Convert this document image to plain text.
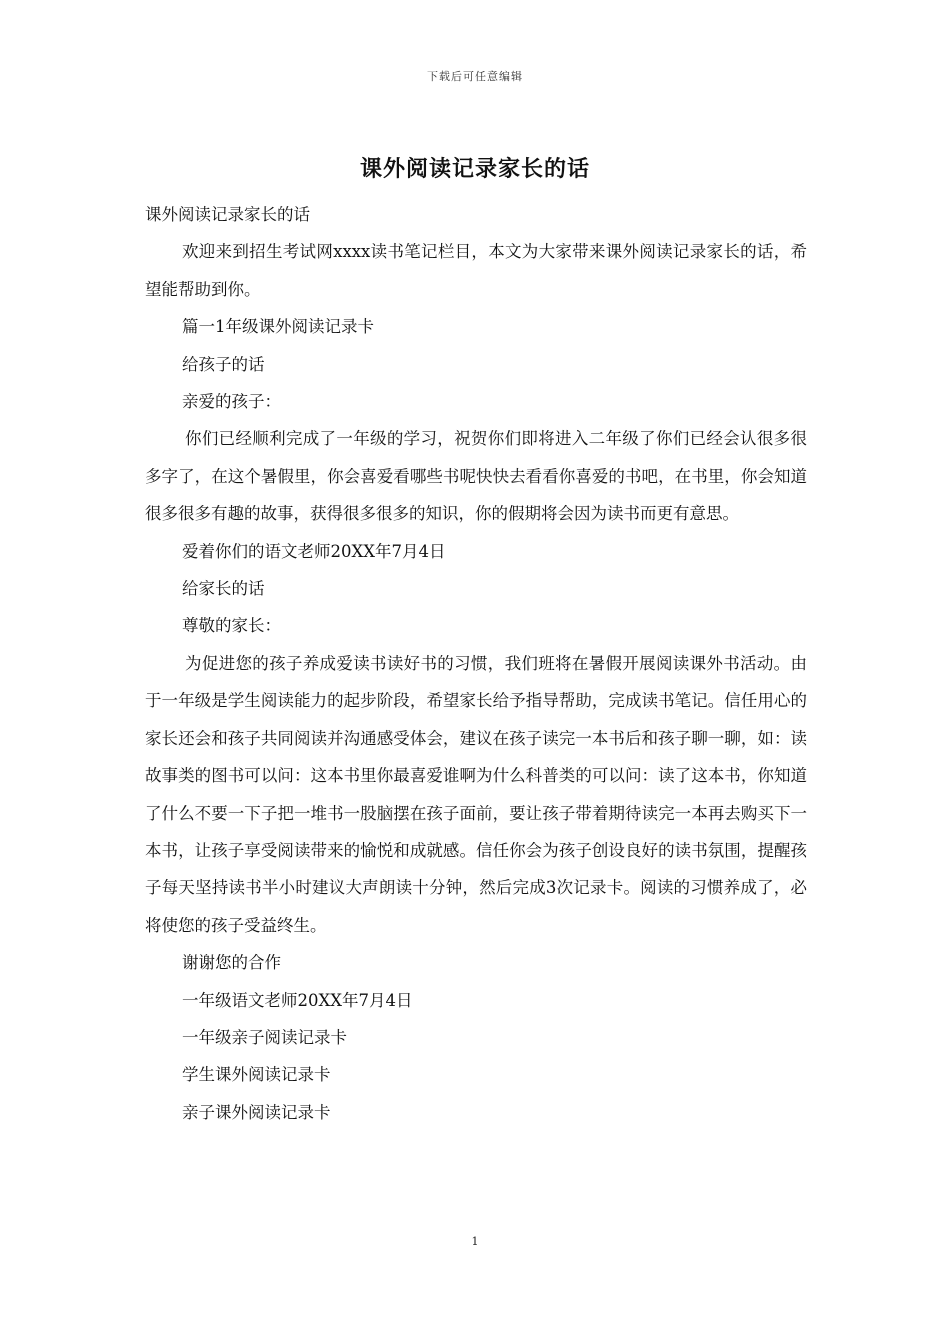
下载后可任意编辑
课外阅读记录家长的话

课外阅读记录家长的话

欢迎来到招生考试网xxxx读书笔记栏目，本文为大家带来课外阅读记录家长的话，希望能帮助到你。

篇一1年级课外阅读记录卡

给孩子的话

亲爱的孩子：

你们已经顺利完成了一年级的学习，祝贺你们即将进入二年级了你们已经会认很多很多字了，在这个暑假里，你会喜爱看哪些书呢快快去看看你喜爱的书吧，在书里，你会知道很多很多有趣的故事，获得很多很多的知识，你的假期将会因为读书而更有意思。

爱着你们的语文老师20XX年7月4日

给家长的话

尊敬的家长：

为促进您的孩子养成爱读书读好书的习惯，我们班将在暑假开展阅读课外书活动。由于一年级是学生阅读能力的起步阶段，希望家长给予指导帮助，完成读书笔记。信任用心的家长还会和孩子共同阅读并沟通感受体会，建议在孩子读完一本书后和孩子聊一聊，如：读故事类的图书可以问：这本书里你最喜爱谁啊为什么科普类的可以问：读了这本书，你知道了什么不要一下子把一堆书一股脑摆在孩子面前，要让孩子带着期待读完一本再去购买下一本书，让孩子享受阅读带来的愉悦和成就感。信任你会为孩子创设良好的读书氛围，提醒孩子每天坚持读书半小时建议大声朗读十分钟，然后完成3次记录卡。阅读的习惯养成了，必将使您的孩子受益终生。

谢谢您的合作

一年级语文老师20XX年7月4日

一年级亲子阅读记录卡

学生课外阅读记录卡

亲子课外阅读记录卡

1
